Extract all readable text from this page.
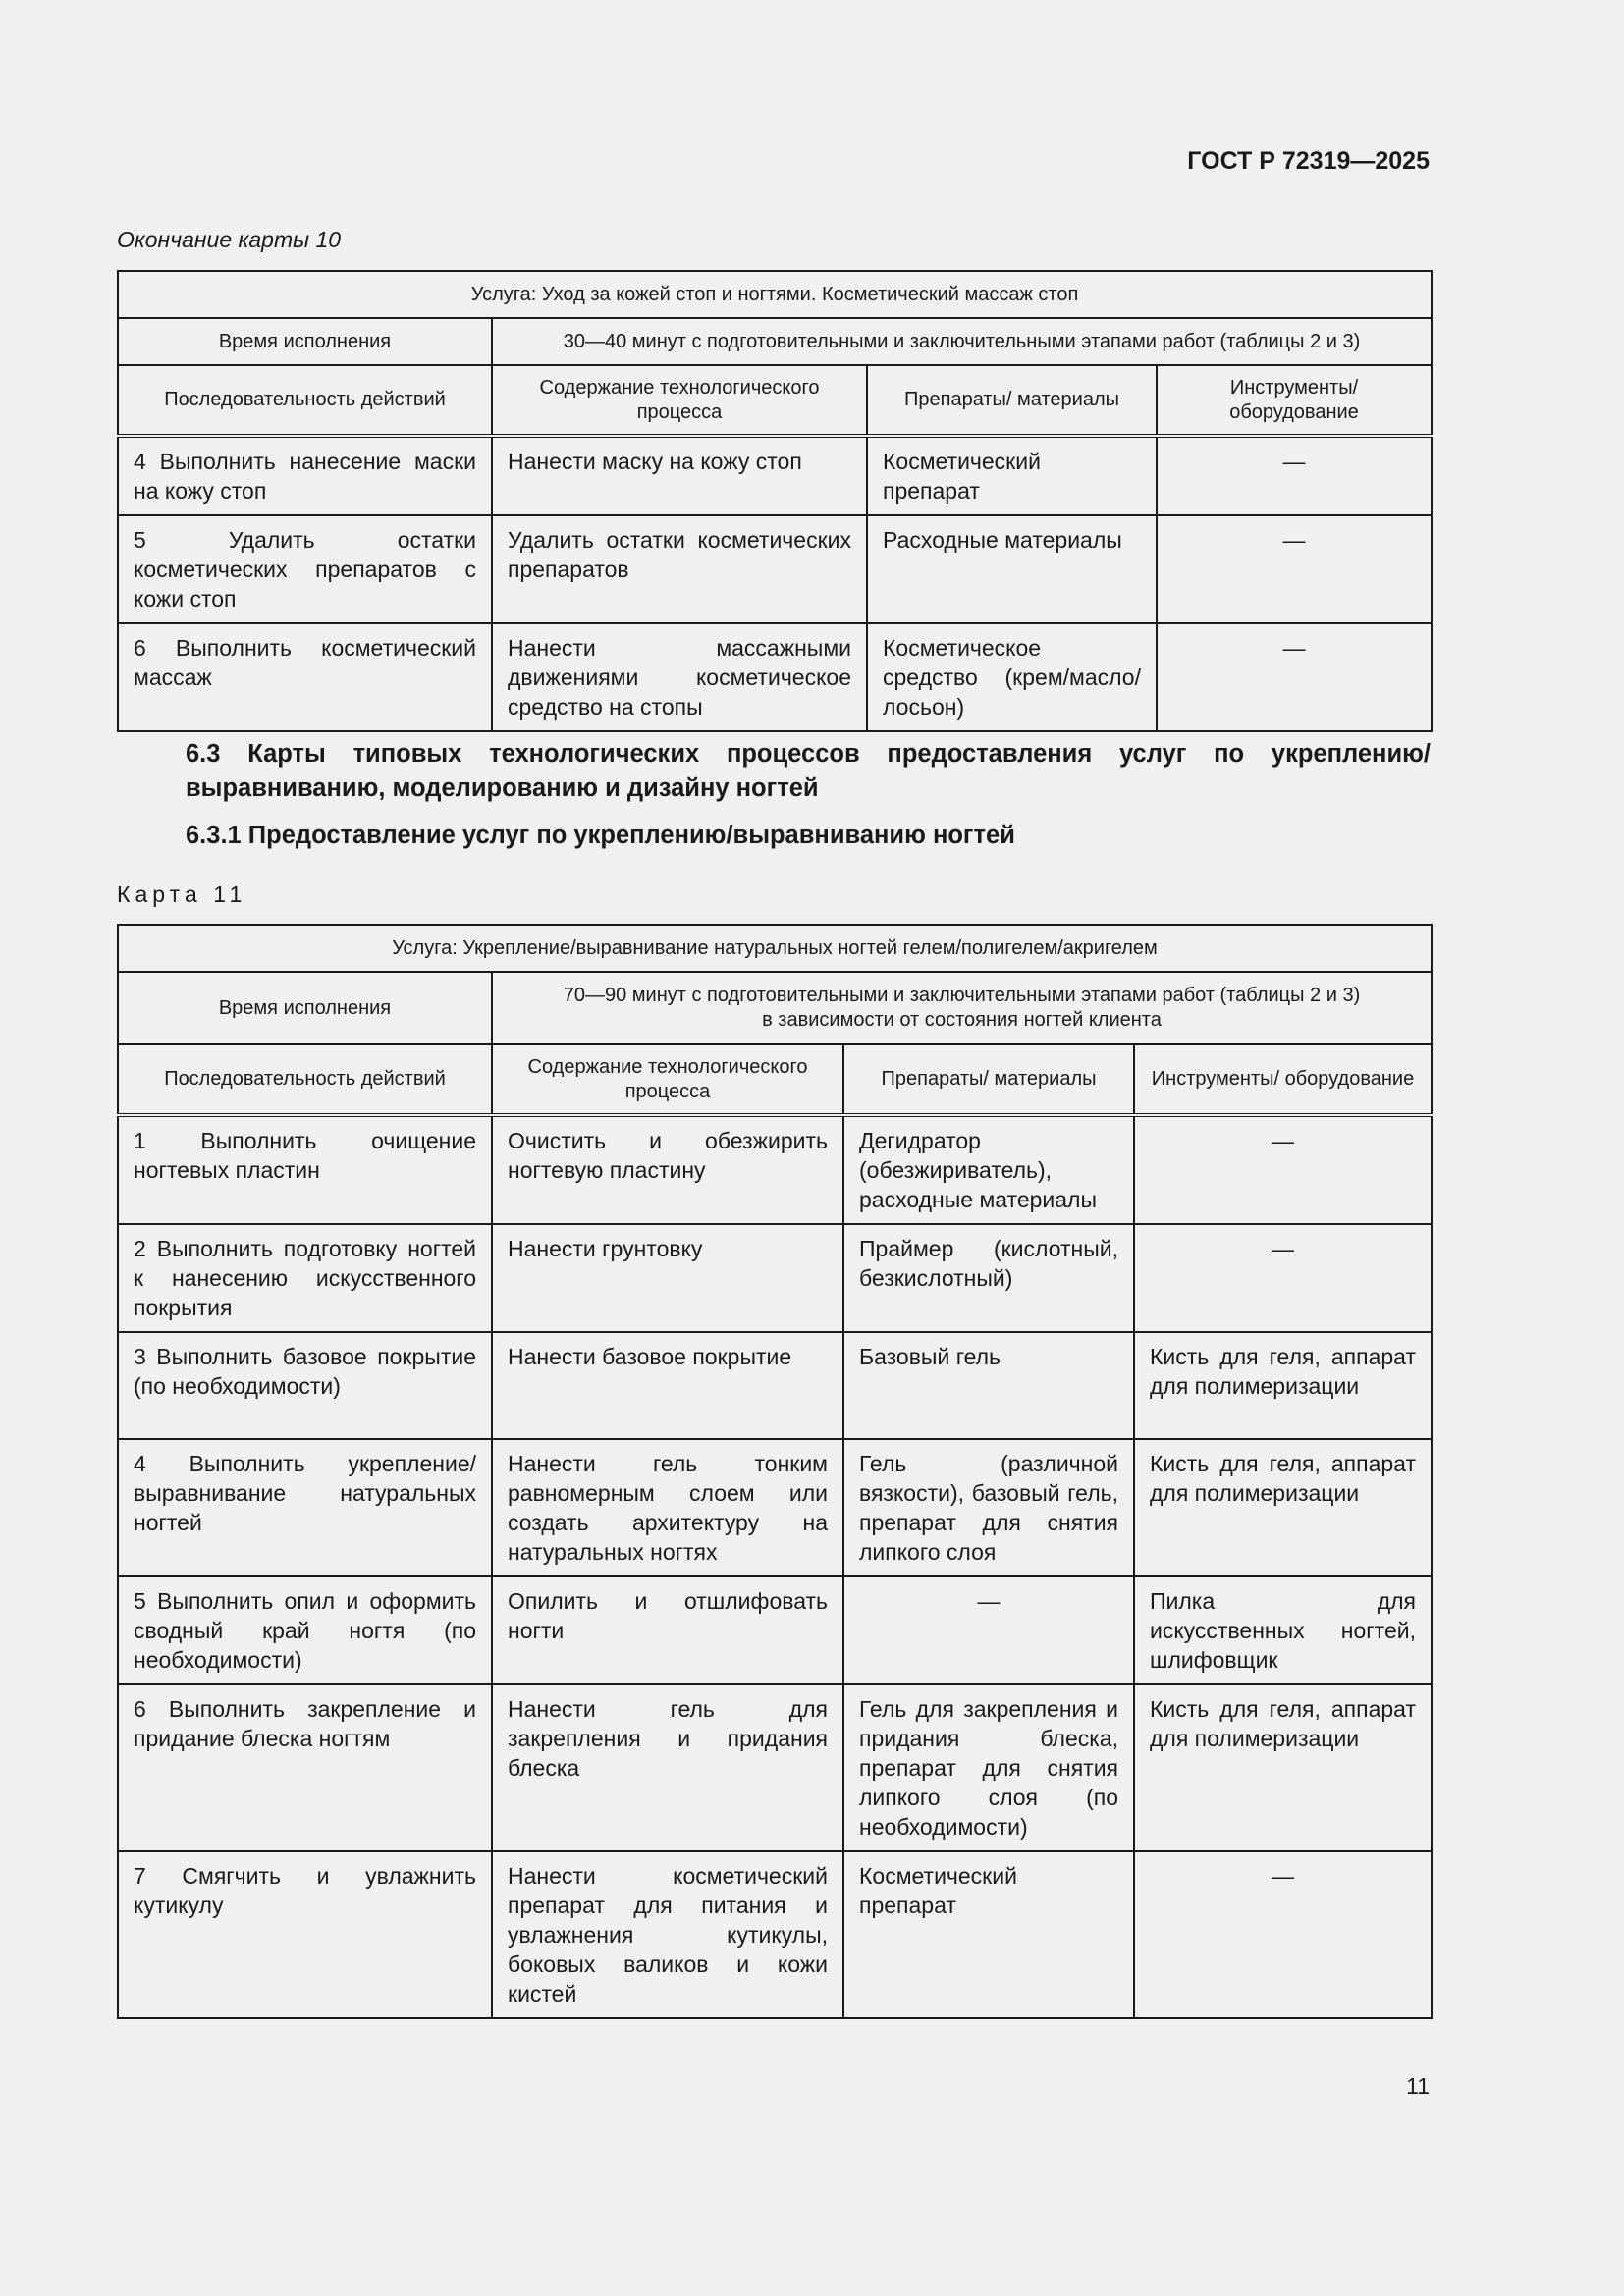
ГОСТ Р 72319—2025
Окончание карты 10
Услуга: Уход за кожей стоп и ногтями. Косметический массаж стоп			
Время исполнения	30—40 минут с подготовительными и заключительными этапами работ (таблицы 2 и 3)		
Последовательность действий	Содержание технологического процесса	Препараты/ материалы	Инструменты/ оборудование
4 Выполнить нанесение маски на кожу стоп	Нанести маску на кожу стоп	Косметический препарат	—
5 Удалить остатки косметических препаратов с кожи стоп	Удалить остатки косметических препаратов	Расходные материалы	—
6 Выполнить косметический массаж	Нанести массажными движениями косметическое средство на стопы	Косметическое средство (крем/масло/лосьон)	—
6.3 Карты типовых технологических процессов предоставления услуг по укреплению/выравниванию, моделированию и дизайну ногтей
6.3.1 Предоставление услуг по укреплению/выравниванию ногтей
Карта 11
Услуга: Укрепление/выравнивание натуральных ногтей гелем/полигелем/акригелем			
Время исполнения	70—90 минут с подготовительными и заключительными этапами работ (таблицы 2 и 3)
в зависимости от состояния ногтей клиента		

Последовательность действий	Содержание технологического процесса	Препараты/ материалы	Инструменты/ оборудование
1 Выполнить очищение ногтевых пластин	Очистить и обезжирить ногтевую пластину	Дегидратор (обезжириватель), расходные материалы	—
2 Выполнить подготовку ногтей к нанесению искусственного покрытия	Нанести грунтовку	Праймер (кислотный, безкислотный)	—
3 Выполнить базовое покрытие (по необходимости)	Нанести базовое покрытие	Базовый гель	Кисть для геля, аппарат для полимеризации
4 Выполнить укрепление/ выравнивание натуральных ногтей	Нанести гель тонким равномерным слоем или создать архитектуру на натуральных ногтях	Гель (различной вязкости), базовый гель, препарат для снятия липкого слоя	Кисть для геля, аппарат для полимеризации
5 Выполнить опил и оформить сводный край ногтя (по необходимости)	Опилить и отшлифовать ногти	—	Пилка для искусственных ногтей, шлифовщик
6 Выполнить закрепление и придание блеска ногтям	Нанести гель для закрепления и придания блеска	Гель для закрепления и придания блеска, препарат для снятия липкого слоя (по необходимости)	Кисть для геля, аппарат для полимеризации
7 Смягчить и увлажнить кутикулу	Нанести косметический препарат для питания и увлажнения кутикулы, боковых валиков и кожи кистей	Косметический препарат	—
11
